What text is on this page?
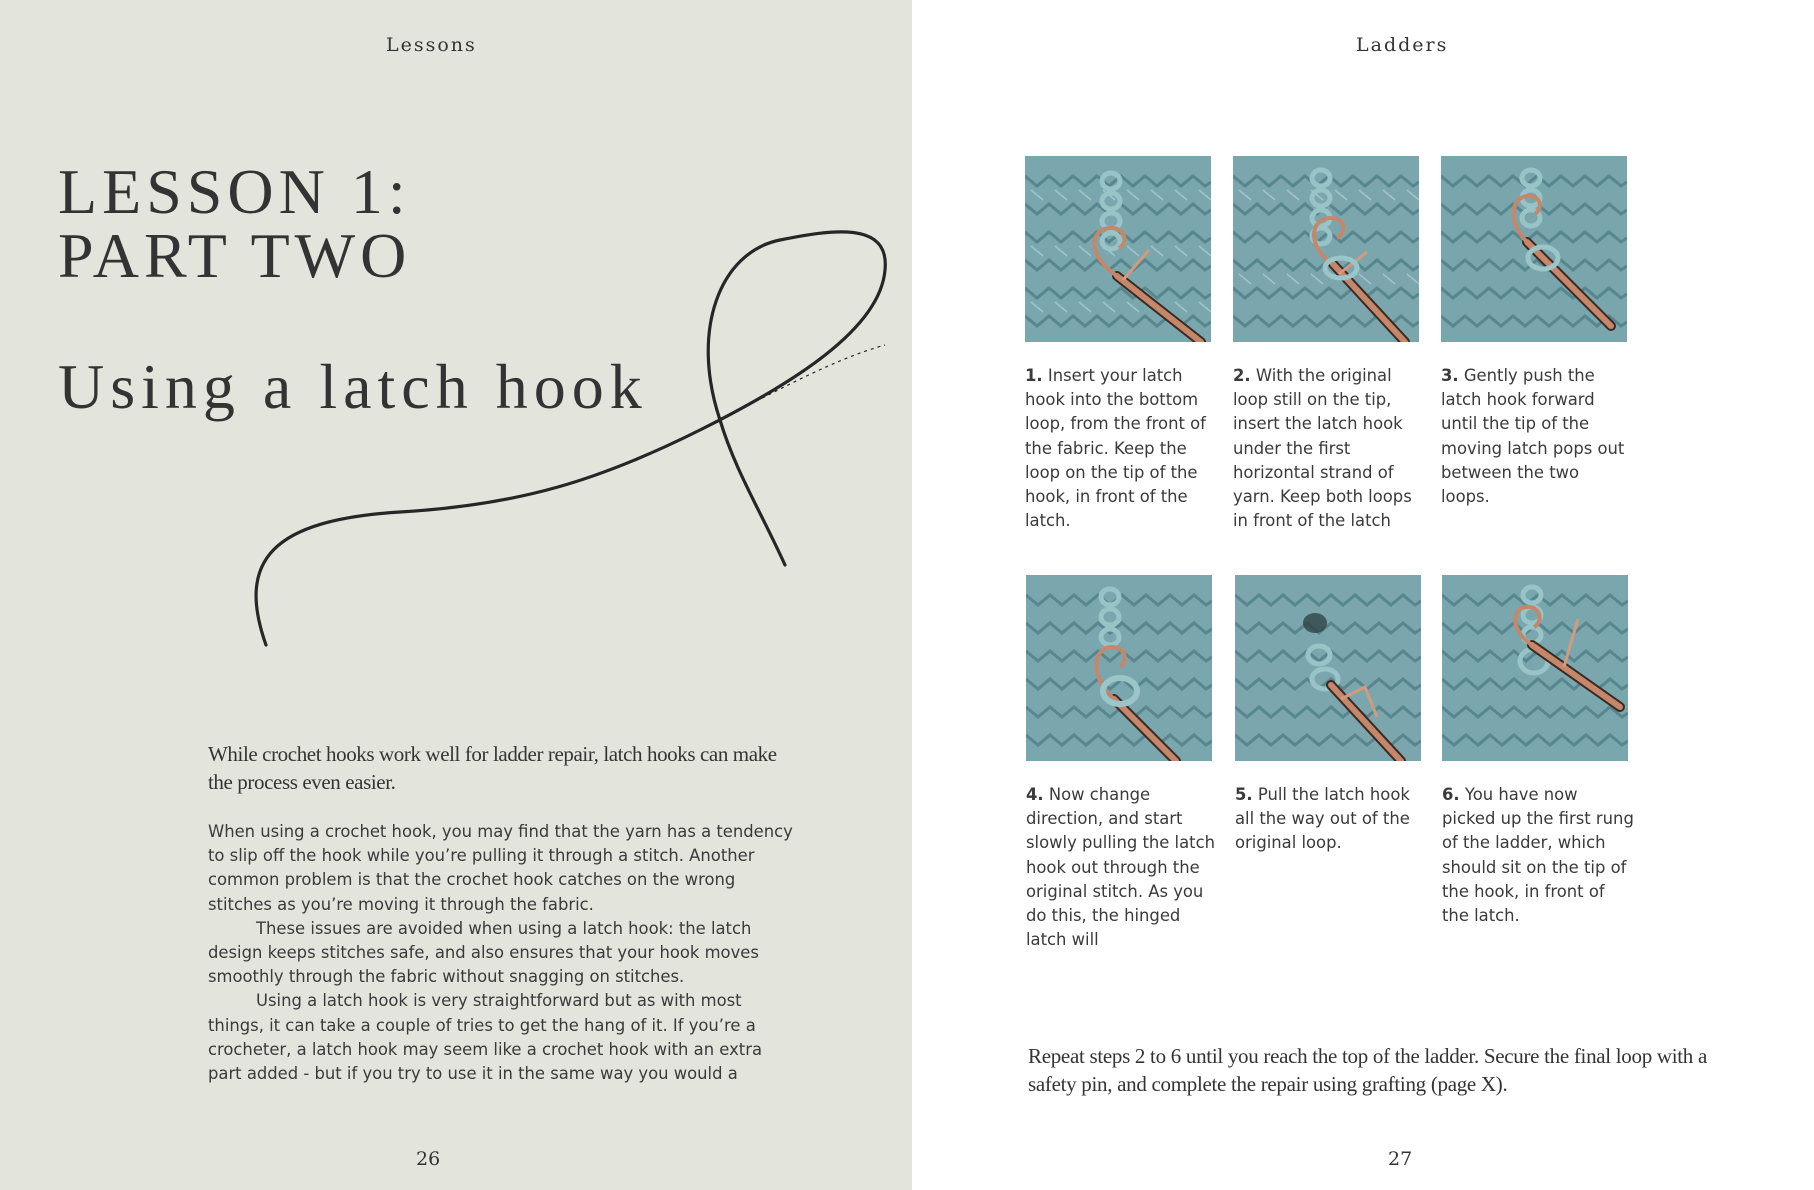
Lessons
LESSON 1:
PART TWO
Using a latch hook

While crochet hooks work well for ladder repair, latch hooks can make the process even easier.

When using a crochet hook, you may find that the yarn has a tendency to slip off the hook while you’re pulling it through a stitch. Another common problem is that the crochet hook catches on the wrong stitches as you’re moving it through the fabric.

These issues are avoided when using a latch hook: the latch design keeps stitches safe, and also ensures that your hook moves smoothly through the fabric without snagging on stitches.

Using a latch hook is very straightforward but as with most things, it can take a couple of tries to get the hang of it. If you’re a crocheter, a latch hook may seem like a crochet hook with an extra part added - but if you try to use it in the same way you would a

26
Ladders
1. Insert your latch hook into the bottom loop, from the front of the fabric. Keep the loop on the tip of the hook, in front of the latch.
2. With the original loop still on the tip, insert the latch hook under the first horizontal strand of yarn. Keep both loops in front of the latch
3. Gently push the latch hook forward until the tip of the moving latch pops out between the two loops.
4. Now change direction, and start slowly pulling the latch hook out through the original stitch. As you do this, the hinged latch will
5. Pull the latch hook all the way out of the original loop.
6. You have now picked up the first rung of the ladder, which should sit on the tip of the hook, in front of the latch.

Repeat steps 2 to 6 until you reach the top of the ladder. Secure the final loop with a safety pin, and complete the repair using grafting (page X).

27
